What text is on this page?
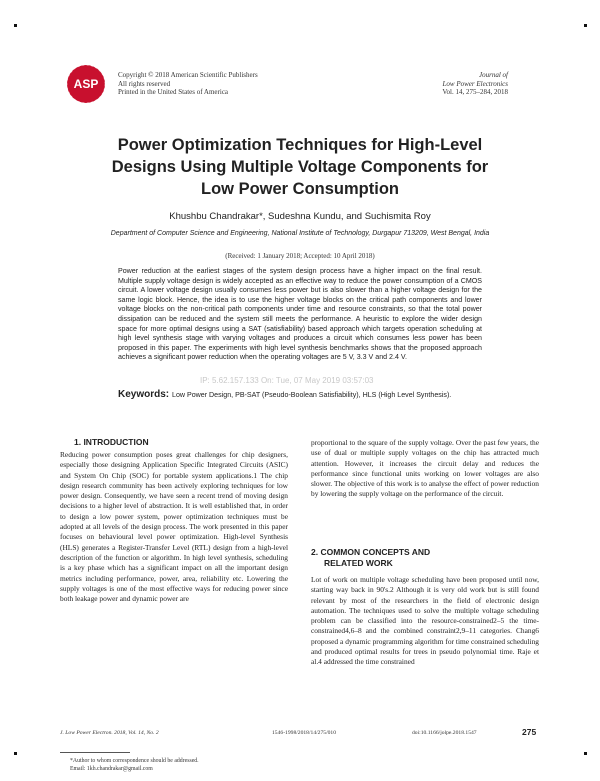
ASP
Copyright © 2018 American Scientific Publishers
All rights reserved
Printed in the United States of America
Journal of
Low Power Electronics
Vol. 14, 275–284, 2018
Power Optimization Techniques for High-Level
Designs Using Multiple Voltage Components for
Low Power Consumption
Khushbu Chandrakar*, Sudeshna Kundu, and Suchismita Roy
Department of Computer Science and Engineering, National Institute of Technology, Durgapur 713209, West Bengal, India
(Received: 1 January 2018; Accepted: 10 April 2018)
Power reduction at the earliest stages of the system design process have a higher impact on the final result. Multiple supply voltage design is widely accepted as an effective way to reduce the power consumption of a CMOS circuit. A lower voltage design usually consumes less power but is also slower than a higher voltage design for the same logic block. Hence, the idea is to use the higher voltage blocks on the critical path components and lower voltage blocks on the non-critical path components under time and resource constraints, so that the total power dissipation can be reduced and the system still meets the performance. A heuristic to explore the wider design space for more optimal designs using a SAT (satisfiability) based approach which targets operation scheduling at high level synthesis stage with varying voltages and produces a circuit which consumes less power has been proposed in this paper. The experiments with high level synthesis benchmarks shows that the proposed approach achieves a significant power reduction when the operating voltages are 5 V, 3.3 V and 2.4 V.
IP: 5.62.157.133 On: Tue, 07 May 2019 03:57:03
Keywords: Low Power Design, PB-SAT (Pseudo-Boolean Satisfiability), HLS (High Level Synthesis).
1. INTRODUCTION

Reducing power consumption poses great challenges for chip designers, especially those designing Application Specific Integrated Circuits (ASIC) and System On Chip (SOC) for portable system applications.1 The chip design research community has been actively exploring techniques for low power design. Consequently, we have seen a recent trend of moving design decisions to a higher level of abstraction. It is well established that, in order to design a low power system, power optimization techniques must be adopted at all levels of the design process. The work presented in this paper focuses on behavioural level power optimization. High-level Synthesis (HLS) generates a Register-Transfer Level (RTL) design from a high-level description of the function or algorithm. In high level synthesis, scheduling is a key phase which has a significant impact on all the important design metrics including performance, power, area, reliability etc. Lowering the supply voltages is one of the most effective ways for reducing power since both leakage power and dynamic power are

*Author to whom correspondence should be addressed.
Email: 1kh.chandrakar@gmail.com

proportional to the square of the supply voltage. Over the past few years, the use of dual or multiple supply voltages on the chip has attracted much attention. However, it increases the circuit delay and reduces the performance since functional units working on lower voltages are also slower. The objective of this work is to analyse the effect of power reduction by lowering the supply voltage on the performance of the circuit.

2. COMMON CONCEPTS AND
RELATED WORK

Lot of work on multiple voltage scheduling have been proposed until now, starting way back in 90's.2 Although it is very old work but is still found relevant by most of the researchers in the field of electronic design automation. The techniques used to solve the multiple voltage scheduling problem can be classified into the resource-constrained2–5 the time-constrained4,6–8 and the combined constraint2,9–11 categories. Chang6 proposed a dynamic programming algorithm for time constrained scheduling and produced optimal results for trees in pseudo polynomial time. Raje et al.4 addressed the time constrained

J. Low Power Electron. 2018, Vol. 14, No. 2	1546-1998/2018/14/275/010	doi:10.1166/jolpe.2018.1547	275
